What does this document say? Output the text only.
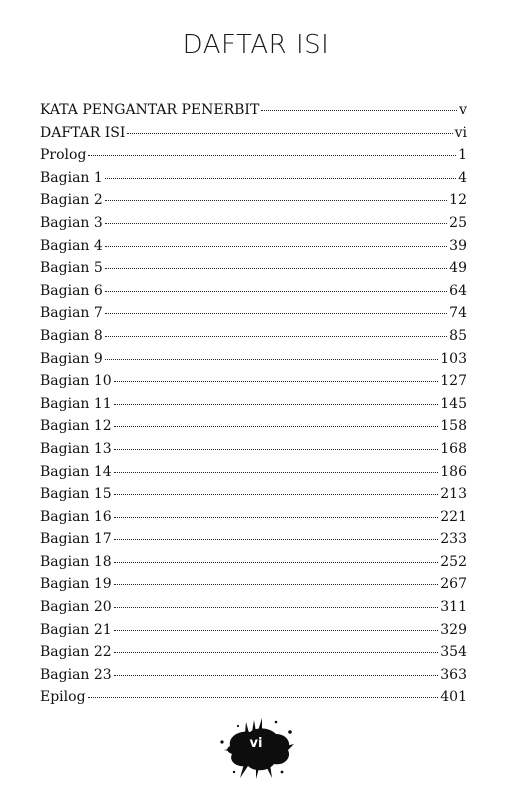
DAFTAR ISI
KATA PENGANTAR PENERBIT	v
DAFTAR ISI	vi
Prolog	1
Bagian 1	4
Bagian 2	12
Bagian 3	25
Bagian 4	39
Bagian 5	49
Bagian 6	64
Bagian 7	74
Bagian 8	85
Bagian 9	103
Bagian 10	127
Bagian 11	145
Bagian 12	158
Bagian 13	168
Bagian 14	186
Bagian 15	213
Bagian 16	221
Bagian 17	233
Bagian 18	252
Bagian 19	267
Bagian 20	311
Bagian 21	329
Bagian 22	354
Bagian 23	363
Epilog	401
vi
